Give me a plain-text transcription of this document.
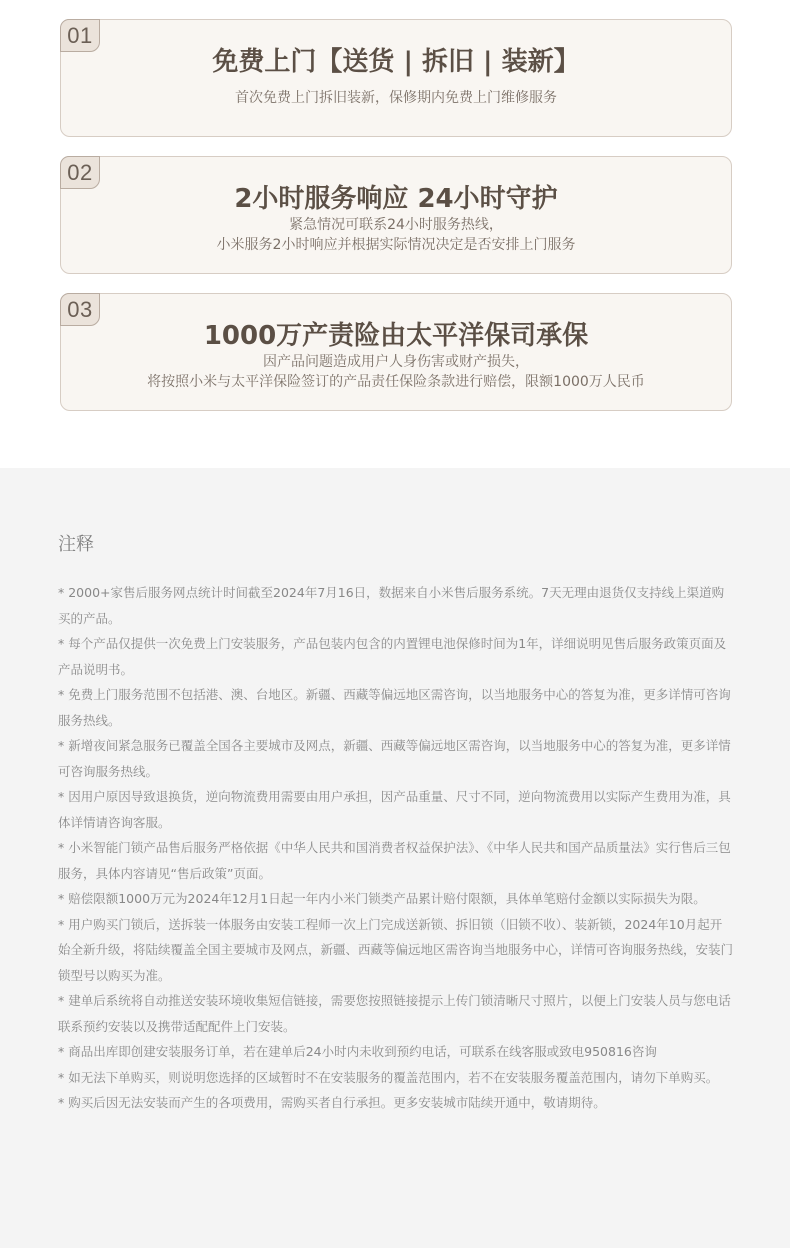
01
免费上门【送货 | 拆旧 | 装新】
首次免费上门拆旧装新，保修期内免费上门维修服务
02
2小时服务响应 24小时守护
紧急情况可联系24小时服务热线，
小米服务2小时响应并根据实际情况决定是否安排上门服务
03
1000万产责险由太平洋保司承保
因产品问题造成用户人身伤害或财产损失，
将按照小米与太平洋保险签订的产品责任保险条款进行赔偿，限额1000万人民币
注释
* 2000+家售后服务网点统计时间截至2024年7月16日，数据来自小米售后服务系统。7天无理由退货仅支持线上渠道购买的产品。
* 每个产品仅提供一次免费上门安装服务，产品包装内包含的内置锂电池保修时间为1年，详细说明见售后服务政策页面及产品说明书。
* 免费上门服务范围不包括港、澳、台地区。新疆、西藏等偏远地区需咨询，以当地服务中心的答复为准，更多详情可咨询服务热线。
* 新增夜间紧急服务已覆盖全国各主要城市及网点，新疆、西藏等偏远地区需咨询，以当地服务中心的答复为准，更多详情可咨询服务热线。
* 因用户原因导致退换货，逆向物流费用需要由用户承担，因产品重量、尺寸不同，逆向物流费用以实际产生费用为准，具体详情请咨询客服。
* 小米智能门锁产品售后服务严格依据《中华人民共和国消费者权益保护法》、《中华人民共和国产品质量法》实行售后三包服务，具体内容请见“售后政策”页面。
* 赔偿限额1000万元为2024年12月1日起一年内小米门锁类产品累计赔付限额，具体单笔赔付金额以实际损失为限。
* 用户购买门锁后，送拆装一体服务由安装工程师一次上门完成送新锁、拆旧锁（旧锁不收）、装新锁，2024年10月起开始全新升级，将陆续覆盖全国主要城市及网点，新疆、西藏等偏远地区需咨询当地服务中心，详情可咨询服务热线，安装门锁型号以购买为准。
* 建单后系统将自动推送安装环境收集短信链接，需要您按照链接提示上传门锁清晰尺寸照片，以便上门安装人员与您电话联系预约安装以及携带适配配件上门安装。
* 商品出库即创建安装服务订单，若在建单后24小时内未收到预约电话，可联系在线客服或致电950816咨询
* 如无法下单购买，则说明您选择的区域暂时不在安装服务的覆盖范围内，若不在安装服务覆盖范围内，请勿下单购买。
* 购买后因无法安装而产生的各项费用，需购买者自行承担。更多安装城市陆续开通中，敬请期待。
